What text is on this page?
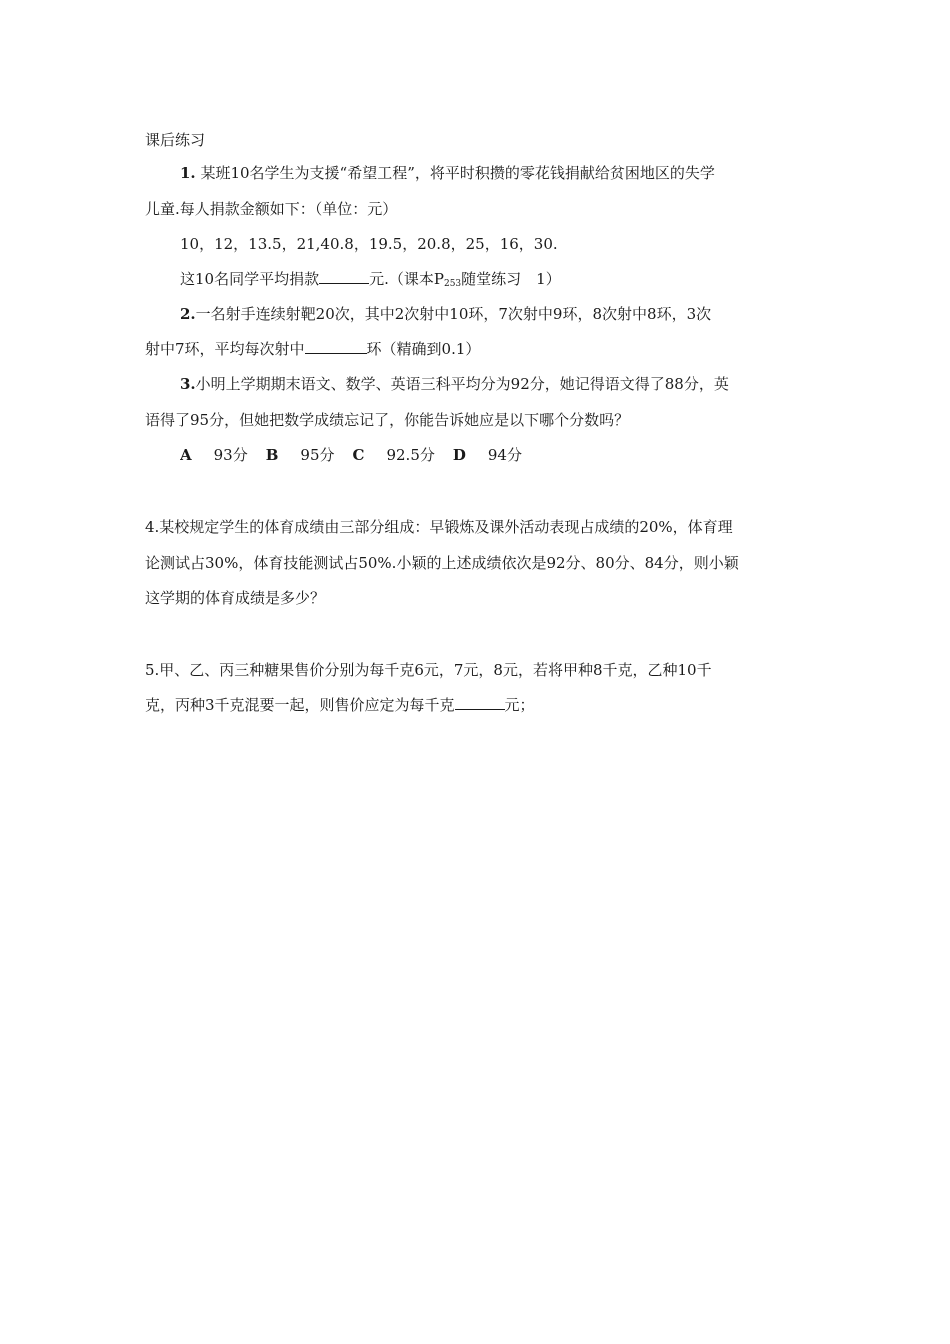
课后练习
1. 某班10名学生为支援“希望工程”，将平时积攒的零花钱捐献给贫困地区的失学
儿童.每人捐款金额如下：（单位：元）
10，12，13.5，21,40.8，19.5，20.8，25，16，30.
这10名同学平均捐款	元.（课本$P_{253}$随堂练习　1）
2.一名射手连续射靶20次，其中2次射中10环，7次射中9环，8次射中8环，3次
射中7环，平均每次射中	环（精确到0.1）
3.小明上学期期末语文、数学、英语三科平均分为92分，她记得语文得了88分，英
语得了95分，但她把数学成绩忘记了，你能告诉她应是以下哪个分数吗？
A 93分 B 95分 C 92.5分 D 94分
4.某校规定学生的体育成绩由三部分组成：早锻炼及课外活动表现占成绩的20%，体育理
论测试占30%，体育技能测试占50%.小颖的上述成绩依次是92分、80分、84分，则小颖
这学期的体育成绩是多少？
5.甲、乙、丙三种糖果售价分别为每千克6元，7元，8元，若将甲种8千克，乙种10千
克，丙种3千克混要一起，则售价应定为每千克	元；
